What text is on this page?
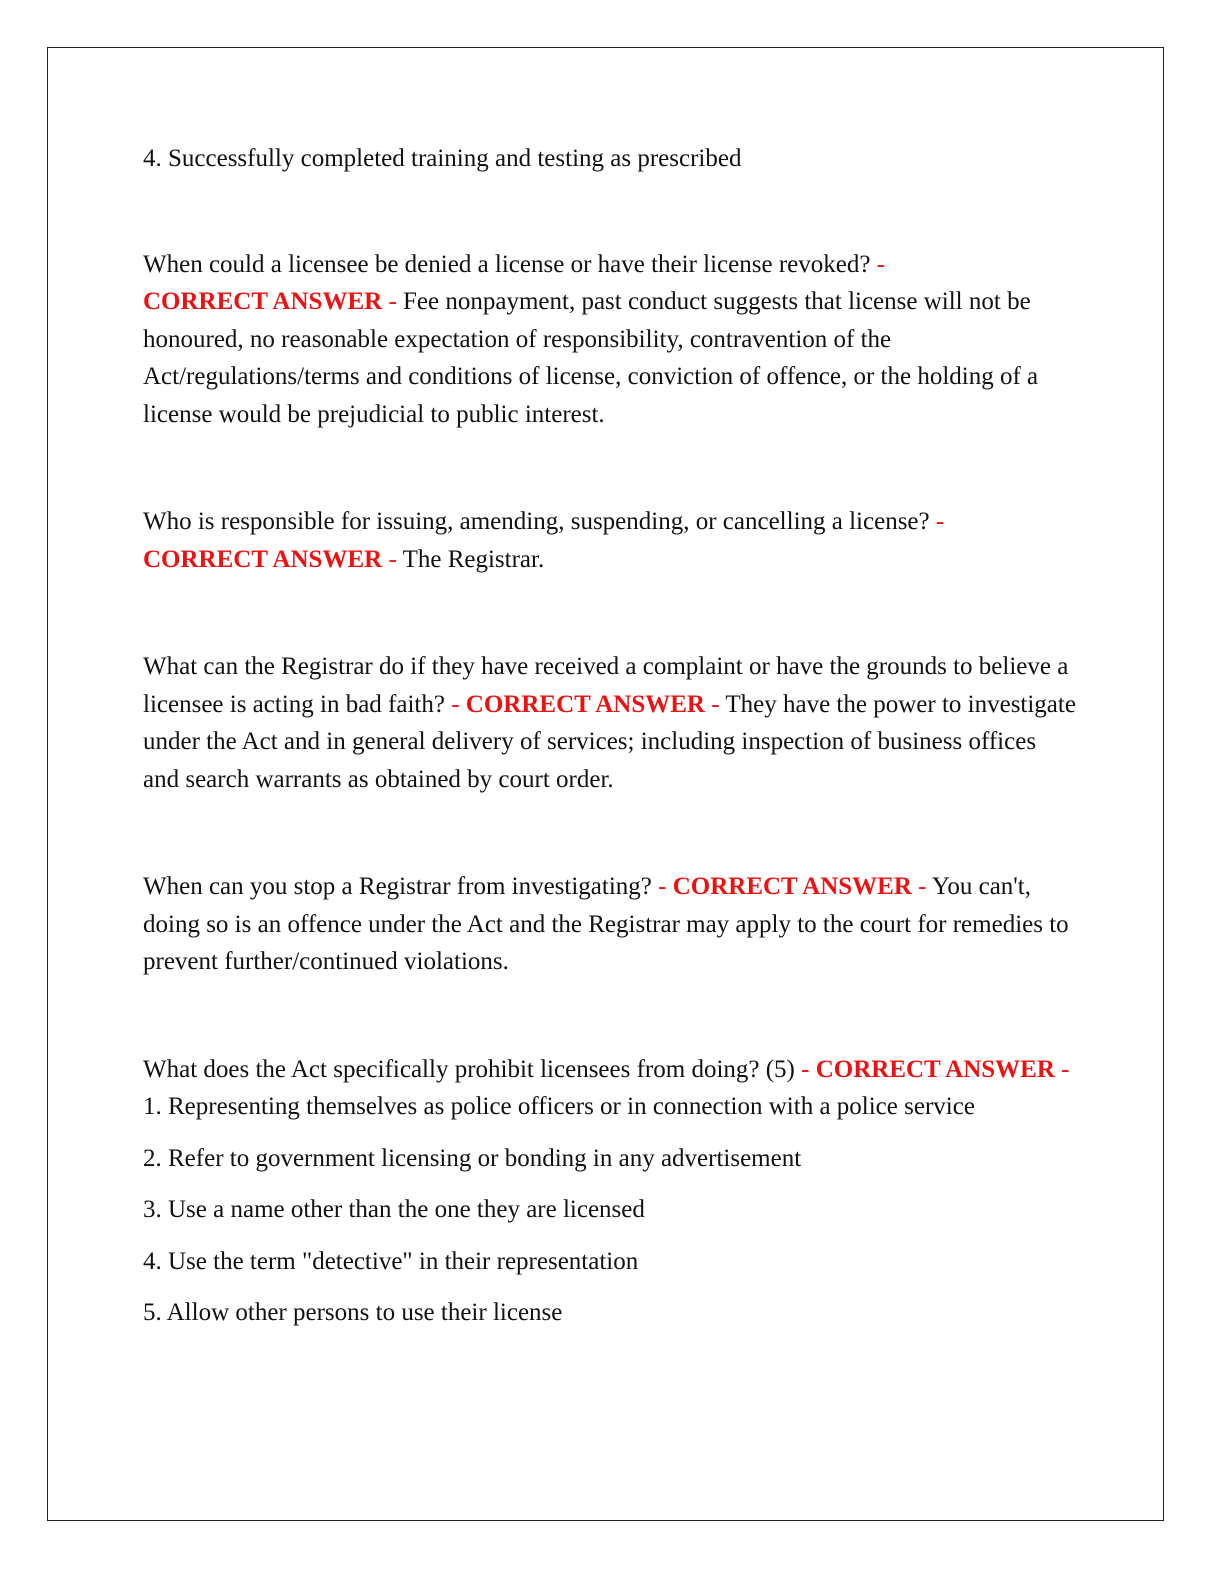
4. Successfully completed training and testing as prescribed

When could a licensee be denied a license or have their license revoked? -
CORRECT ANSWER - Fee nonpayment, past conduct suggests that license will not be honoured, no reasonable expectation of responsibility, contravention of the Act/regulations/terms and conditions of license, conviction of offence, or the holding of a license would be prejudicial to public interest.

Who is responsible for issuing, amending, suspending, or cancelling a license? -
CORRECT ANSWER - The Registrar.

What can the Registrar do if they have received a complaint or have the grounds to believe a licensee is acting in bad faith? - CORRECT ANSWER - They have the power to investigate under the Act and in general delivery of services; including inspection of business offices and search warrants as obtained by court order.

When can you stop a Registrar from investigating? - CORRECT ANSWER - You can't, doing so is an offence under the Act and the Registrar may apply to the court for remedies to prevent further/continued violations.

What does the Act specifically prohibit licensees from doing? (5) - CORRECT ANSWER - 1. Representing themselves as police officers or in connection with a police service

2. Refer to government licensing or bonding in any advertisement

3. Use a name other than the one they are licensed

4. Use the term "detective" in their representation

5. Allow other persons to use their license
